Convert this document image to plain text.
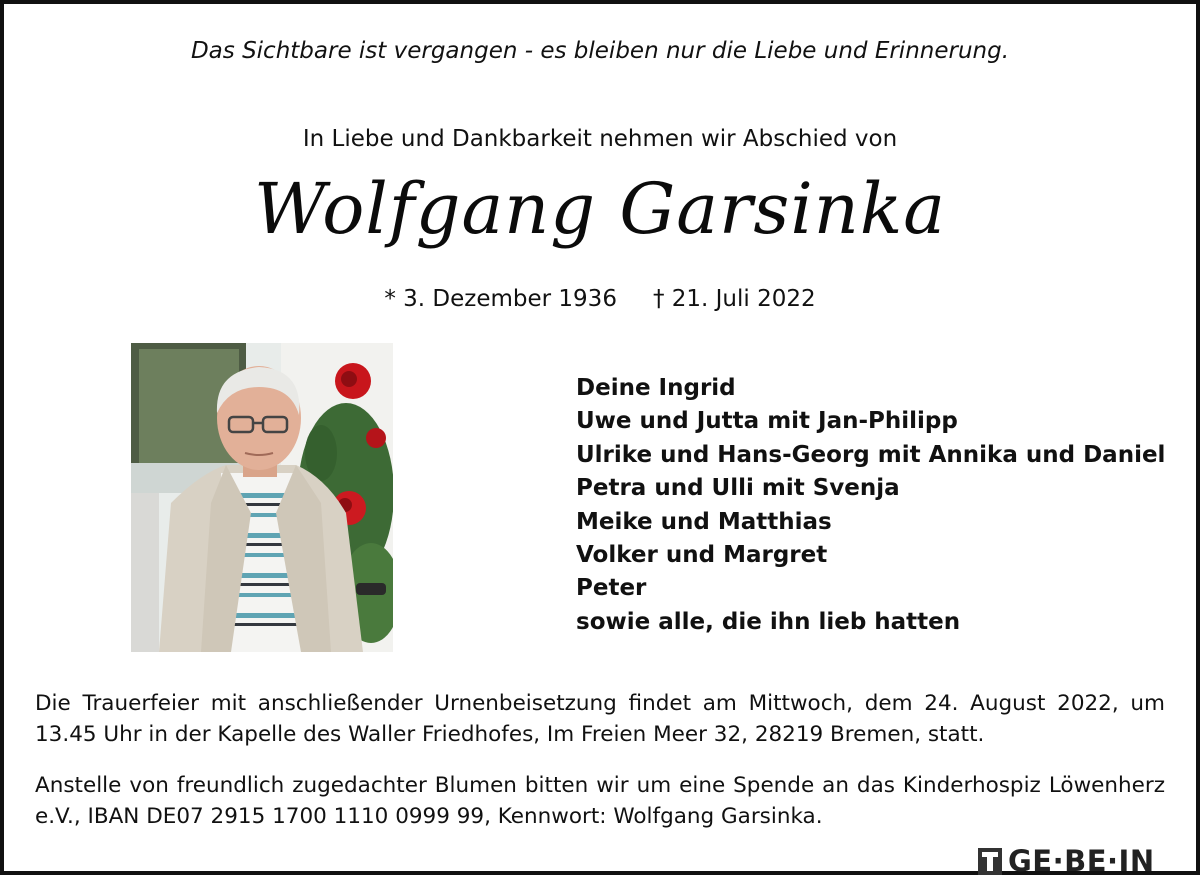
Das Sichtbare ist vergangen - es bleiben nur die Liebe und Erinnerung.
In Liebe und Dankbarkeit nehmen wir Abschied von
Wolfgang Garsinka
* 3. Dezember 1936 † 21. Juli 2022
Deine Ingrid
Uwe und Jutta mit Jan-Philipp
Ulrike und Hans-Georg mit Annika und Daniel
Petra und Ulli mit Svenja
Meike und Matthias
Volker und Margret
Peter
sowie alle, die ihn lieb hatten
Die Trauerfeier mit anschließender Urnenbeisetzung findet am Mittwoch, dem 24. August 2022, um 13.45 Uhr in der Kapelle des Waller Friedhofes, Im Freien Meer 32, 28219 Bremen, statt.
Anstelle von freundlich zugedachter Blumen bitten wir um eine Spende an das Kinderhospiz Löwenherz e.V., IBAN DE07 2915 1700 1110 0999 99, Kennwort: Wolfgang Garsinka.
GE·BE·IN
